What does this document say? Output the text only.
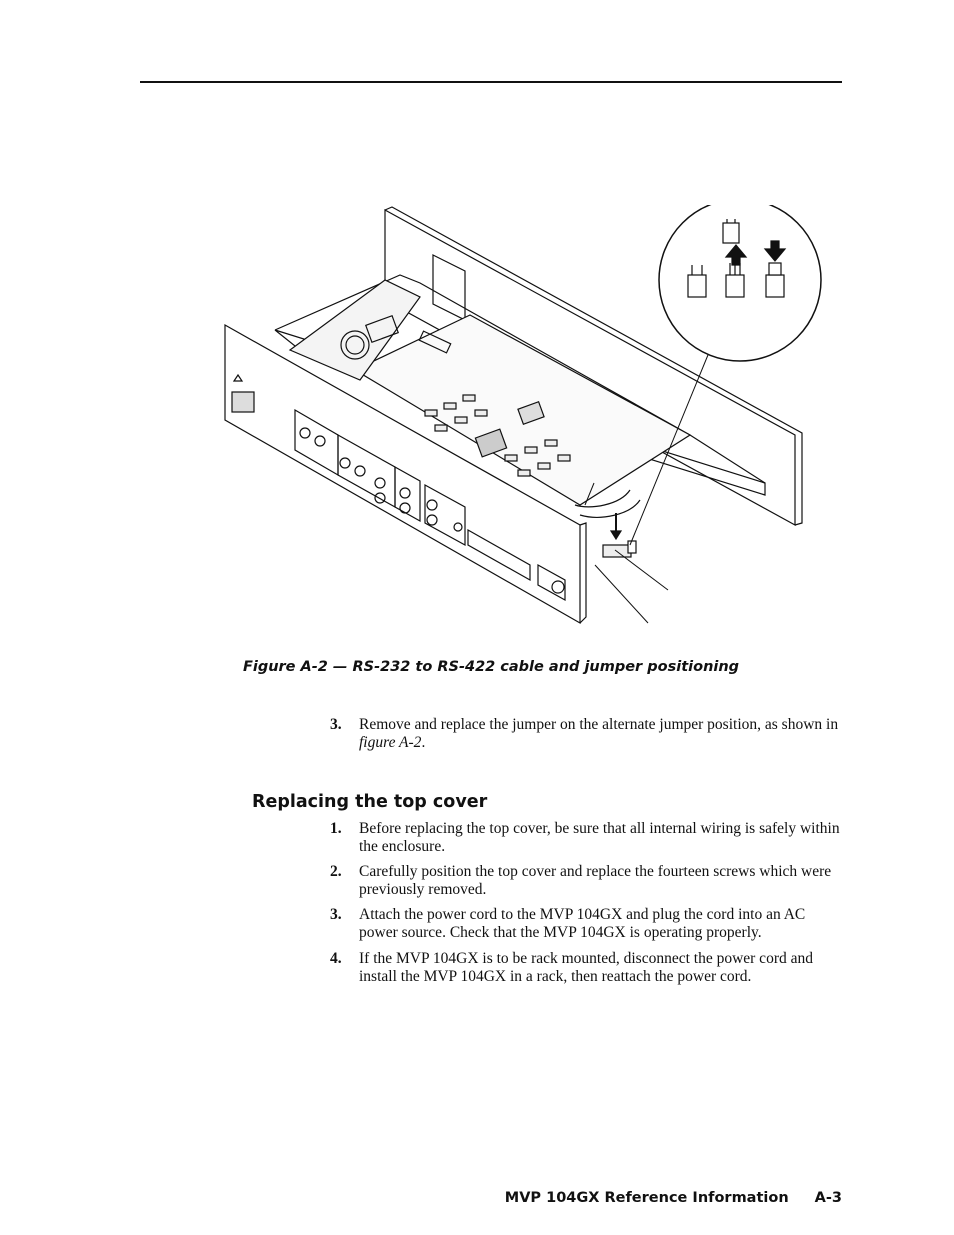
Figure A-2 — RS-232 to RS-422 cable and jumper positioning
3. Remove and replace the jumper on the alternate jumper position, as shown in figure A-2.
Replacing the top cover
1. Before replacing the top cover, be sure that all internal wiring is safely within the enclosure.
2. Carefully position the top cover and replace the fourteen screws which were previously removed.
3. Attach the power cord to the MVP 104GX and plug the cord into an AC power source. Check that the MVP 104GX is operating properly.
4. If the MVP 104GX is to be rack mounted, disconnect the power cord and install the MVP 104GX in a rack, then reattach the power cord.
MVP 104GX Reference Information A-3
